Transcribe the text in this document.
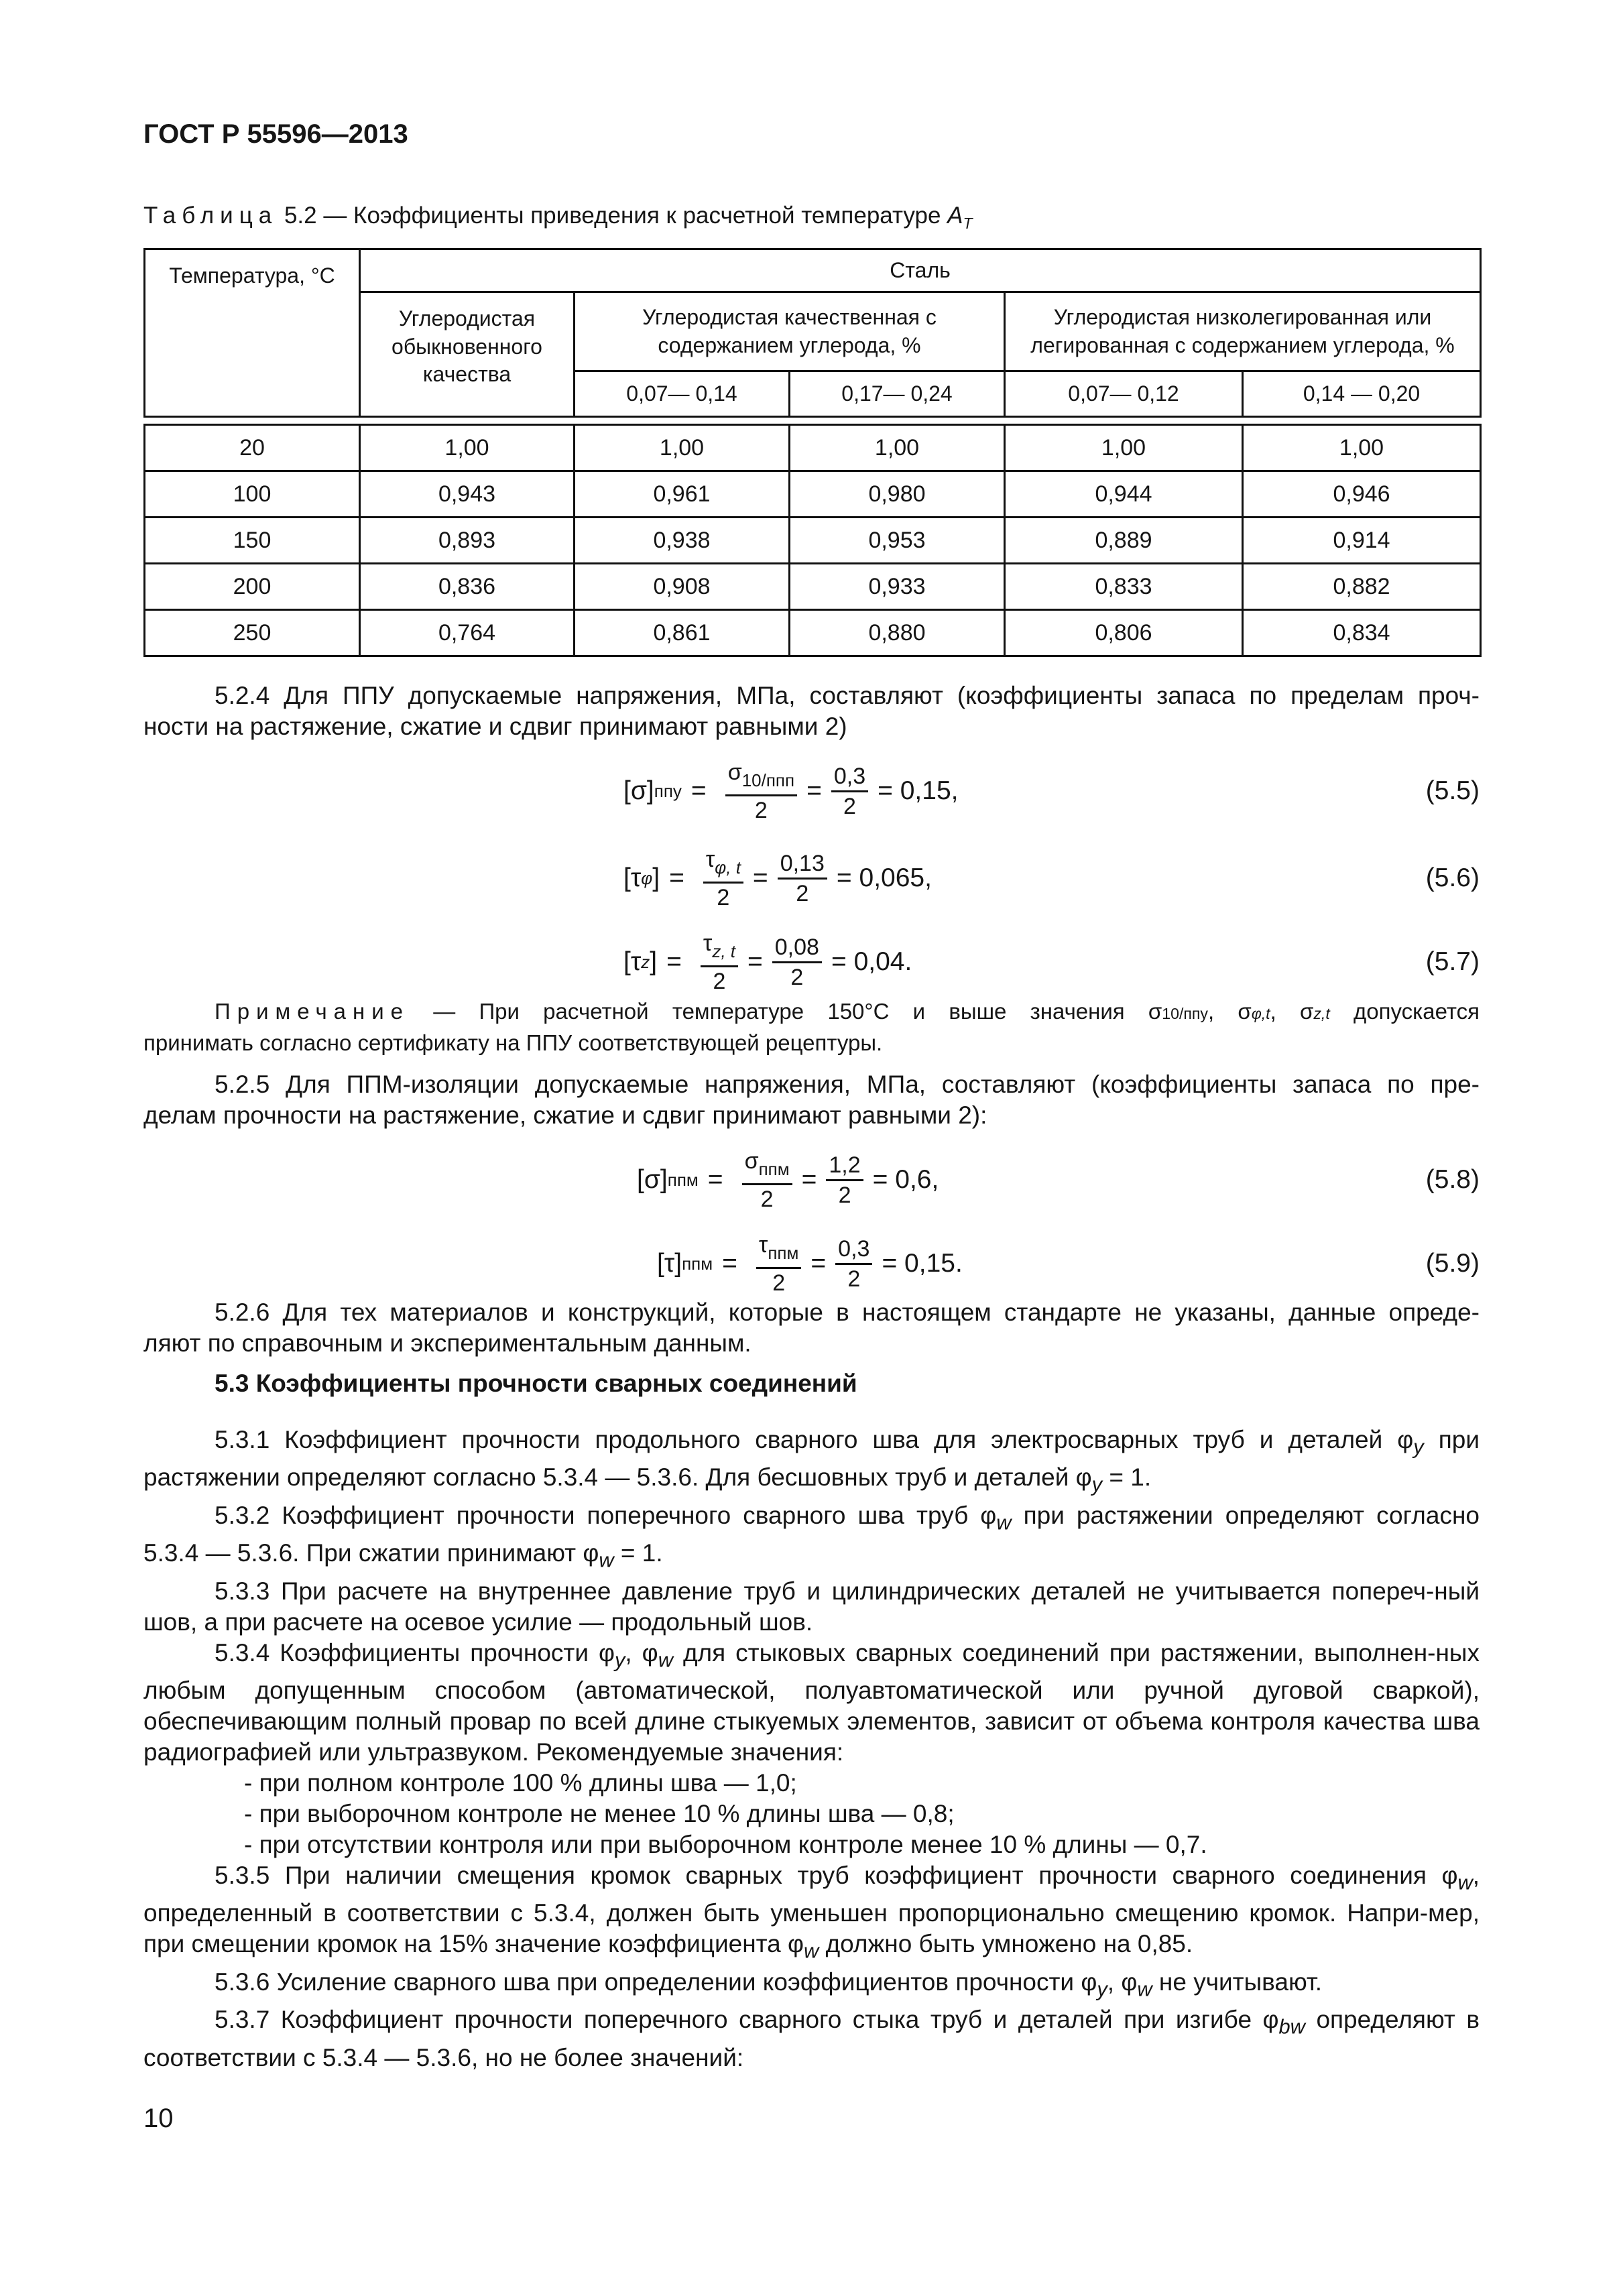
ГОСТ Р 55596—2013
Таблица 5.2 — Коэффициенты приведения к расчетной температуре $A_T$
Температура, °C	Сталь				
	Углеродистая обыкновенного качества	Углеродистая качественная с содержанием углерода, %		Углеродистая низколегированная или легированная с содержанием углерода, %	
		0,07— 0,14	0,17— 0,24	0,07— 0,12	0,14 — 0,20

20	1,00	1,00	1,00	1,00	1,00
100	0,943	0,961	0,980	0,944	0,946
150	0,893	0,938	0,953	0,889	0,914
200	0,836	0,908	0,933	0,833	0,882
250	0,764	0,861	0,880	0,806	0,834

5.2.4 Для ППУ допускаемые напряжения, МПа, составляют (коэффициенты запаса по пределам проч-

ности на растяжение, сжатие и сдвиг принимают равными 2)

[σ] ппу = $\frac{\sigma_{10/ппп}}{2} = \frac{0,3}{2} = 0,15$,	(5.5)
[τ φ ] = $\frac{\tau_{\varphi, t}}{2} = \frac{0,13}{2} = 0,065$,	(5.6)
[τ z ] = $\frac{\tau_{z, t}}{2} = \frac{0,08}{2} = 0,04$.	(5.7)

Примечание — При расчетной температуре 150°C и выше значения σ10/ппу, σφ,t, σz,t допускается

принимать согласно сертификату на ППУ соответствующей рецептуры.

5.2.5 Для ППМ-изоляции допускаемые напряжения, МПа, составляют (коэффициенты запаса по пре-

делам прочности на растяжение, сжатие и сдвиг принимают равными 2):

[σ] ппм = $\frac{\sigma_{ппм}}{2} = \frac{1,2}{2} = 0,6$,	(5.8)
[τ] ппм = $\frac{\tau_{ппм}}{2} = \frac{0,3}{2} = 0,15$.	(5.9)

5.2.6 Для тех материалов и конструкций, которые в настоящем стандарте не указаны, данные опреде-

ляют по справочным и экспериментальным данным.

5.3 Коэффициенты прочности сварных соединений

5.3.1 Коэффициент прочности продольного сварного шва для электросварных труб и деталей $\varphi_y$ при растяжении определяют согласно 5.3.4 — 5.3.6. Для бесшовных труб и деталей $\varphi_y = 1$.

5.3.2 Коэффициент прочности поперечного сварного шва труб $\varphi_w$ при растяжении определяют согласно 5.3.4 — 5.3.6. При сжатии принимают $\varphi_w = 1$.

5.3.3 При расчете на внутреннее давление труб и цилиндрических деталей не учитывается попереч-ный шов, а при расчете на осевое усилие — продольный шов.

5.3.4 Коэффициенты прочности $\varphi_y$, $\varphi_w$ для стыковых сварных соединений при растяжении, выполнен-ных любым допущенным способом (автоматической, полуавтоматической или ручной дуговой сваркой), обеспечивающим полный провар по всей длине стыкуемых элементов, зависит от объема контроля качества шва радиографией или ультразвуком. Рекомендуемые значения:

- при полном контроле 100 % длины шва — 1,0;

- при выборочном контроле не менее 10 % длины шва — 0,8;

- при отсутствии контроля или при выборочном контроле менее 10 % длины — 0,7.

5.3.5 При наличии смещения кромок сварных труб коэффициент прочности сварного соединения $\varphi_w$, определенный в соответствии с 5.3.4, должен быть уменьшен пропорционально смещению кромок. Напри-мер, при смещении кромок на 15% значение коэффициента $\varphi_w$ должно быть умножено на 0,85.

5.3.6 Усиление сварного шва при определении коэффициентов прочности $\varphi_y$, $\varphi_w$ не учитывают.

5.3.7 Коэффициент прочности поперечного сварного стыка труб и деталей при изгибе $\varphi_{bw}$ определяют в соответствии с 5.3.4 — 5.3.6, но не более значений:

10
